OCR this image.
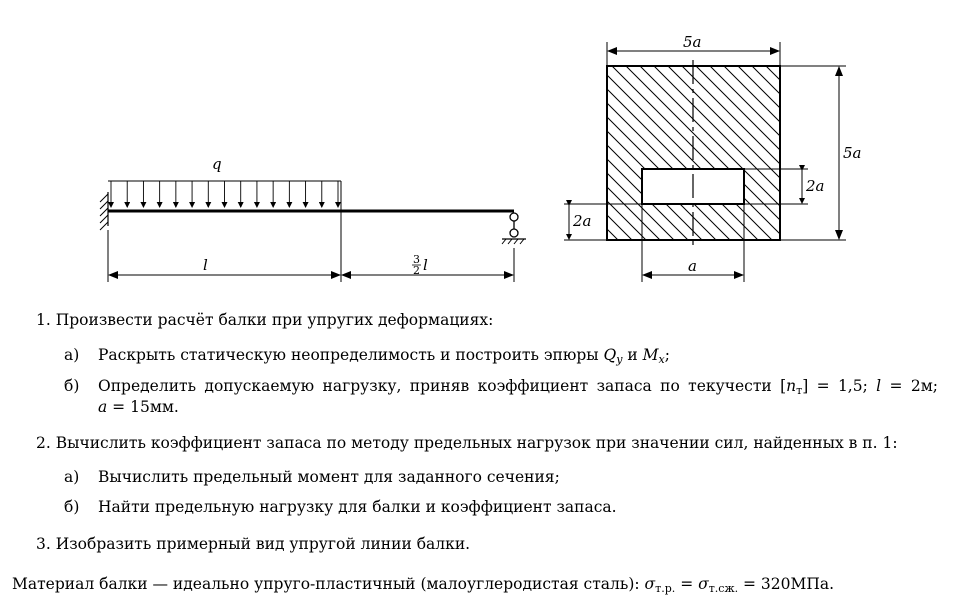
q
l	3
2 l
5a
5a
2a
2a
a
1. Произвести расчёт балки при упругих деформациях:
а) Раскрыть статическую неопределимость и построить эпюры $Q_y$ и $M_x$;
б) Определить допускаемую нагрузку, приняв коэффициент запаса по текучести $[n_т] = 1,5$; l = 2м;
a = 15мм.
2. Вычислить коэффициент запаса по методу предельных нагрузок при значении сил, найденных в п. 1:
а) Вычислить предельный момент для заданного сечения;
б) Найти предельную нагрузку для балки и коэффициент запаса.
3. Изобразить примерный вид упругой линии балки.
Материал балки — идеально упруго-пластичный (малоуглеродистая сталь): $\sigma_{т.р.} = \sigma_{т.сж.} = 320МПа$.
